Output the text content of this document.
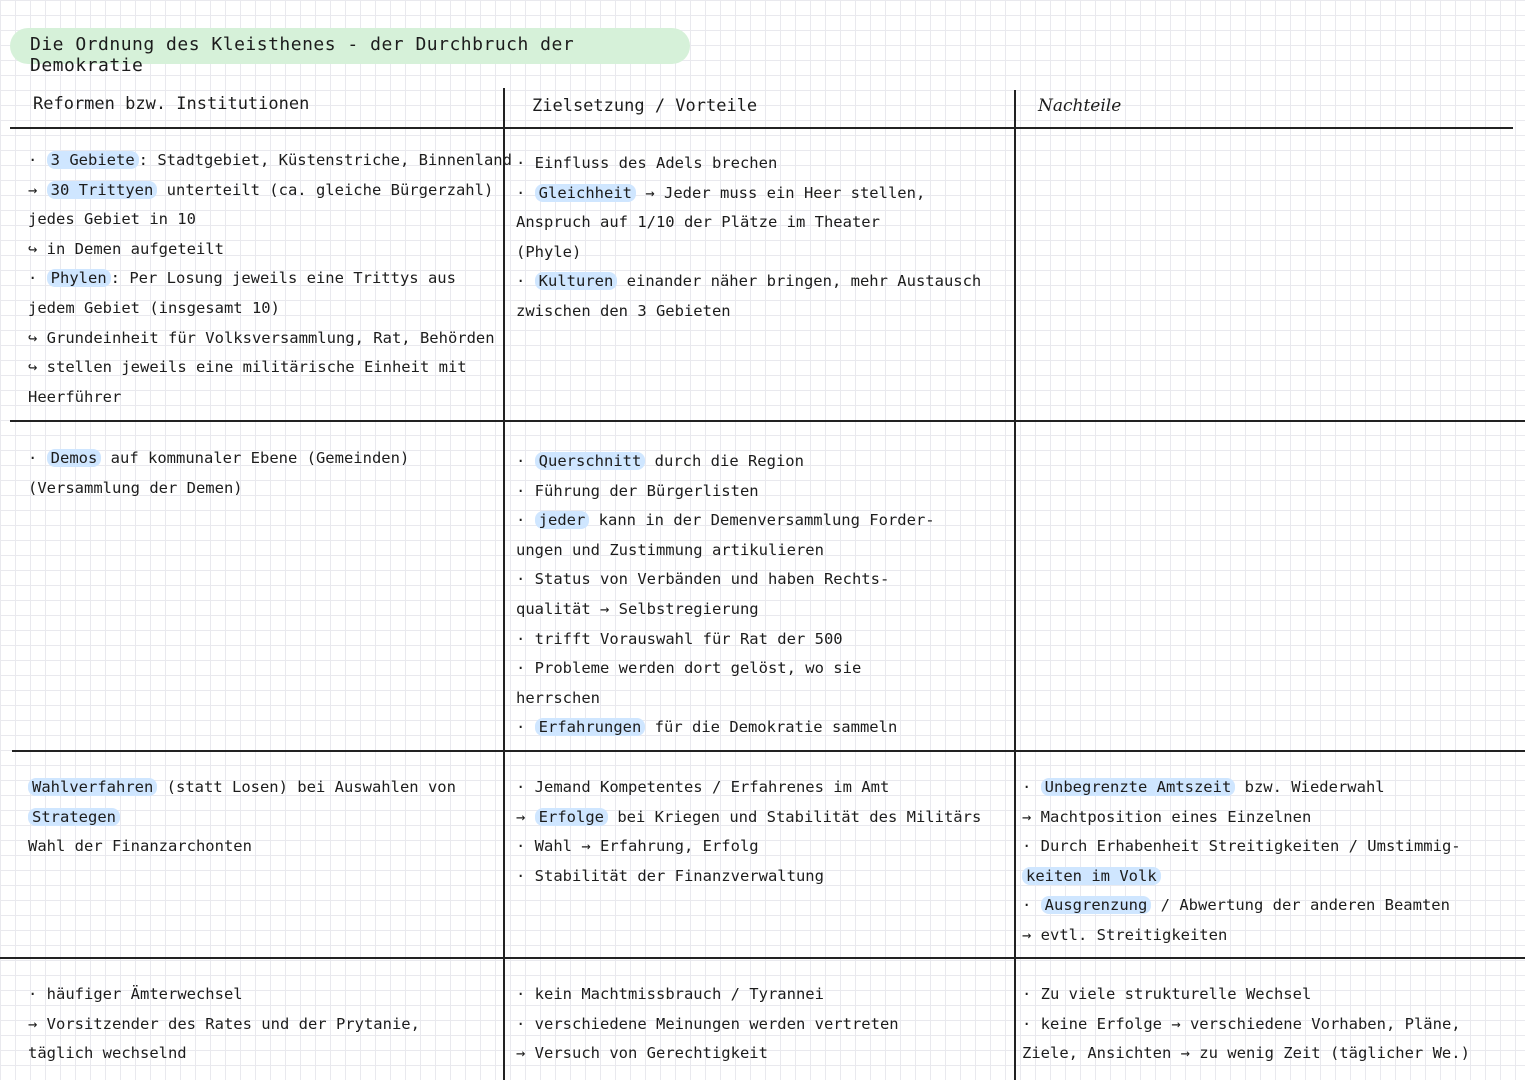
Die Ordnung des Kleisthenes - der Durchbruch der Demokratie
Reformen bzw. Institutionen	Zielsetzung / Vorteile	Nachteile
· 3 Gebiete : Stadtgebiet, Küstenstriche, Binnenland
→ 30 Trittyen unterteilt (ca. gleiche Bürgerzahl)
jedes Gebiet in 10
↪ in Demen aufgeteilt
· Phylen : Per Losung jeweils eine Trittys aus
jedem Gebiet (insgesamt 10)
↪ Grundeinheit für Volksversammlung, Rat, Behörden
↪ stellen jeweils eine militärische Einheit mit
Heerführer
· Einfluss des Adels brechen
· Gleichheit → Jeder muss ein Heer stellen,
Anspruch auf 1/10 der Plätze im Theater
(Phyle)
· Kulturen einander näher bringen, mehr Austausch
zwischen den 3 Gebieten
· Demos auf kommunaler Ebene (Gemeinden)
(Versammlung der Demen)
· Querschnitt durch die Region
· Führung der Bürgerlisten
· jeder kann in der Demenversammlung Forder-
ungen und Zustimmung artikulieren
· Status von Verbänden und haben Rechts-
qualität → Selbstregierung
· trifft Vorauswahl für Rat der 500
· Probleme werden dort gelöst, wo sie
herrschen
· Erfahrungen für die Demokratie sammeln
Wahlverfahren (statt Losen) bei Auswahlen von
Strategen
Wahl der Finanzarchonten
· Jemand Kompetentes / Erfahrenes im Amt
→ Erfolge bei Kriegen und Stabilität des Militärs
· Wahl → Erfahrung, Erfolg
· Stabilität der Finanzverwaltung
· Unbegrenzte Amtszeit bzw. Wiederwahl
→ Machtposition eines Einzelnen
· Durch Erhabenheit Streitigkeiten / Umstimmig-
keiten im Volk
· Ausgrenzung / Abwertung der anderen Beamten
→ evtl. Streitigkeiten
· häufiger Ämterwechsel
→ Vorsitzender des Rates und der Prytanie,
täglich wechselnd
· kein Machtmissbrauch / Tyrannei
· verschiedene Meinungen werden vertreten
→ Versuch von Gerechtigkeit
· Zu viele strukturelle Wechsel
· keine Erfolge → verschiedene Vorhaben, Pläne,
Ziele, Ansichten → zu wenig Zeit (täglicher We.)
